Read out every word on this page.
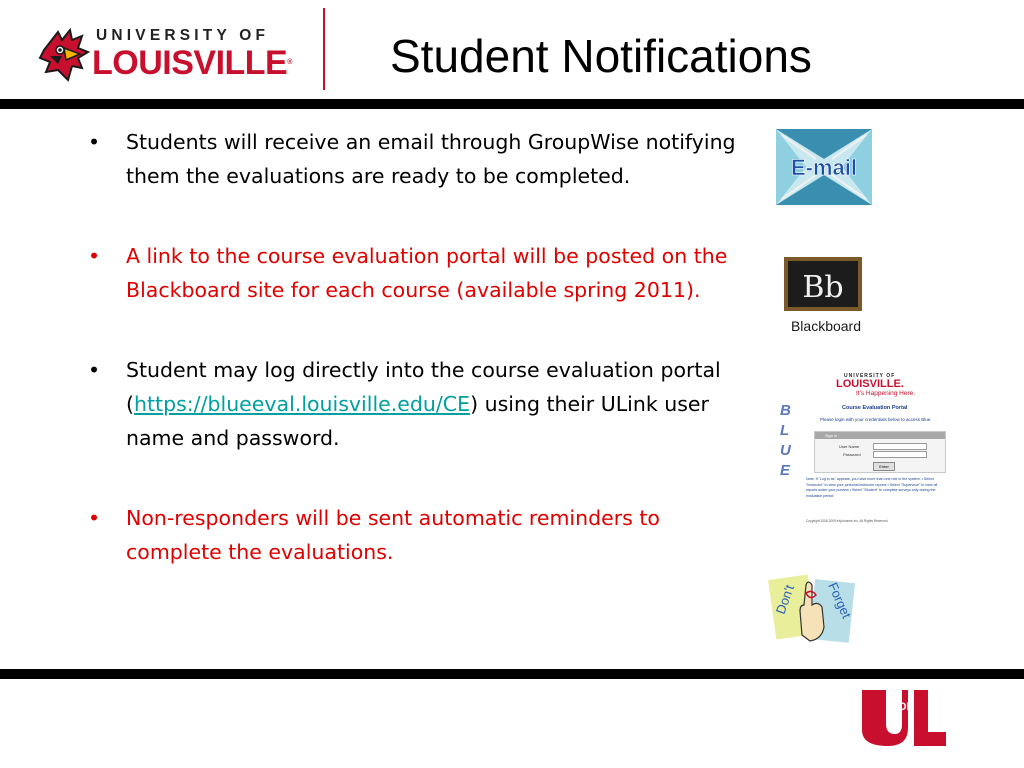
UNIVERSITY OF
LOUISVILLE® Student Notifications
• Students will receive an email through GroupWise notifying them the evaluations are ready to be completed.
• A link to the course evaluation portal will be posted on the Blackboard site for each course (available spring 2011).
• Student may log directly into the course evaluation portal (https://blueeval.louisville.edu/CE) using their ULink user name and password.
• Non-responders will be sent automatic reminders to complete the evaluations.
E-mail
Bb
Blackboard
B
L
U
E
UNIVERSITY OF
LOUISVILLE.
It's Happening Here.
Course Evaluation Portal
Please login with your credentials below to access Blue.
Sign in
User Name
Password
Enter
Note: If "Log in as" appears, you have more than one role in the system. • Select "Instructor" to view your personal instructor reports • Select "Supervisor" to view all reports under your purview • Select "Student" to complete surveys only during the evaluation period
Copyright 2006-2009 eXplorance Inc. All Rights Reserved
Don't Forget
OF
